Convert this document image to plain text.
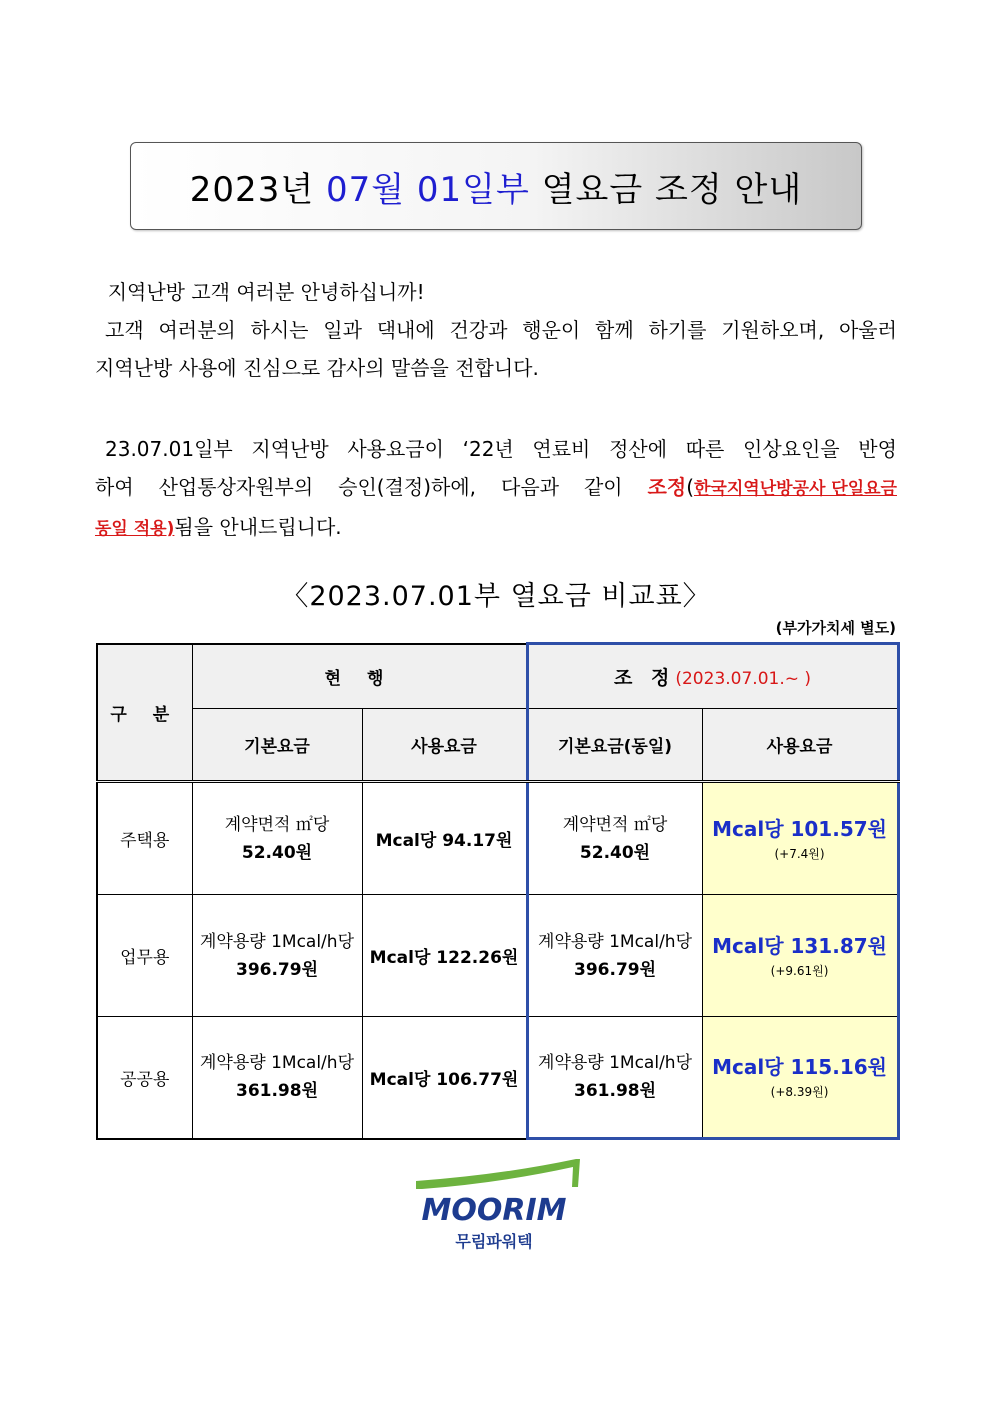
2023년
07월 01일부
열요금 조정 안내

지역난방 고객 여러분 안녕하십니까!

고객 여러분의 하시는 일과 댁내에 건강과 행운이 함께 하기를 기원하오며, 아울러

지역난방 사용에 진심으로 감사의 말씀을 전합니다.

23.07.01일부 지역난방 사용요금이 ‘22년 연료비 정산에 따른 인상요인을 반영

하여 산업통상자원부의 승인(결정)하에, 다음과 같이 조정(한국지역난방공사 단일요금

동일 적용)됨을 안내드립니다.

〈2023.07.01부 열요금 비교표〉
(부가가치세 별도)
구 분	현 행		조 정(2023.07.01.~ )	
	기본요금	사용요금	기본요금(동일)	사용요금
주택용	계약면적 ㎡당
52.40원	Mcal당 94.17원	계약면적 ㎡당
52.40원	Mcal당 101.57원
(+7.4원)

업무용	계약용량 1Mcal/h당
396.79원	Mcal당 122.26원	계약용량 1Mcal/h당
396.79원	Mcal당 131.87원
(+9.61원)

공공용	계약용량 1Mcal/h당
361.98원	Mcal당 106.77원	계약용량 1Mcal/h당
361.98원	Mcal당 115.16원
(+8.39원)
MOORIM
무림파워텍
